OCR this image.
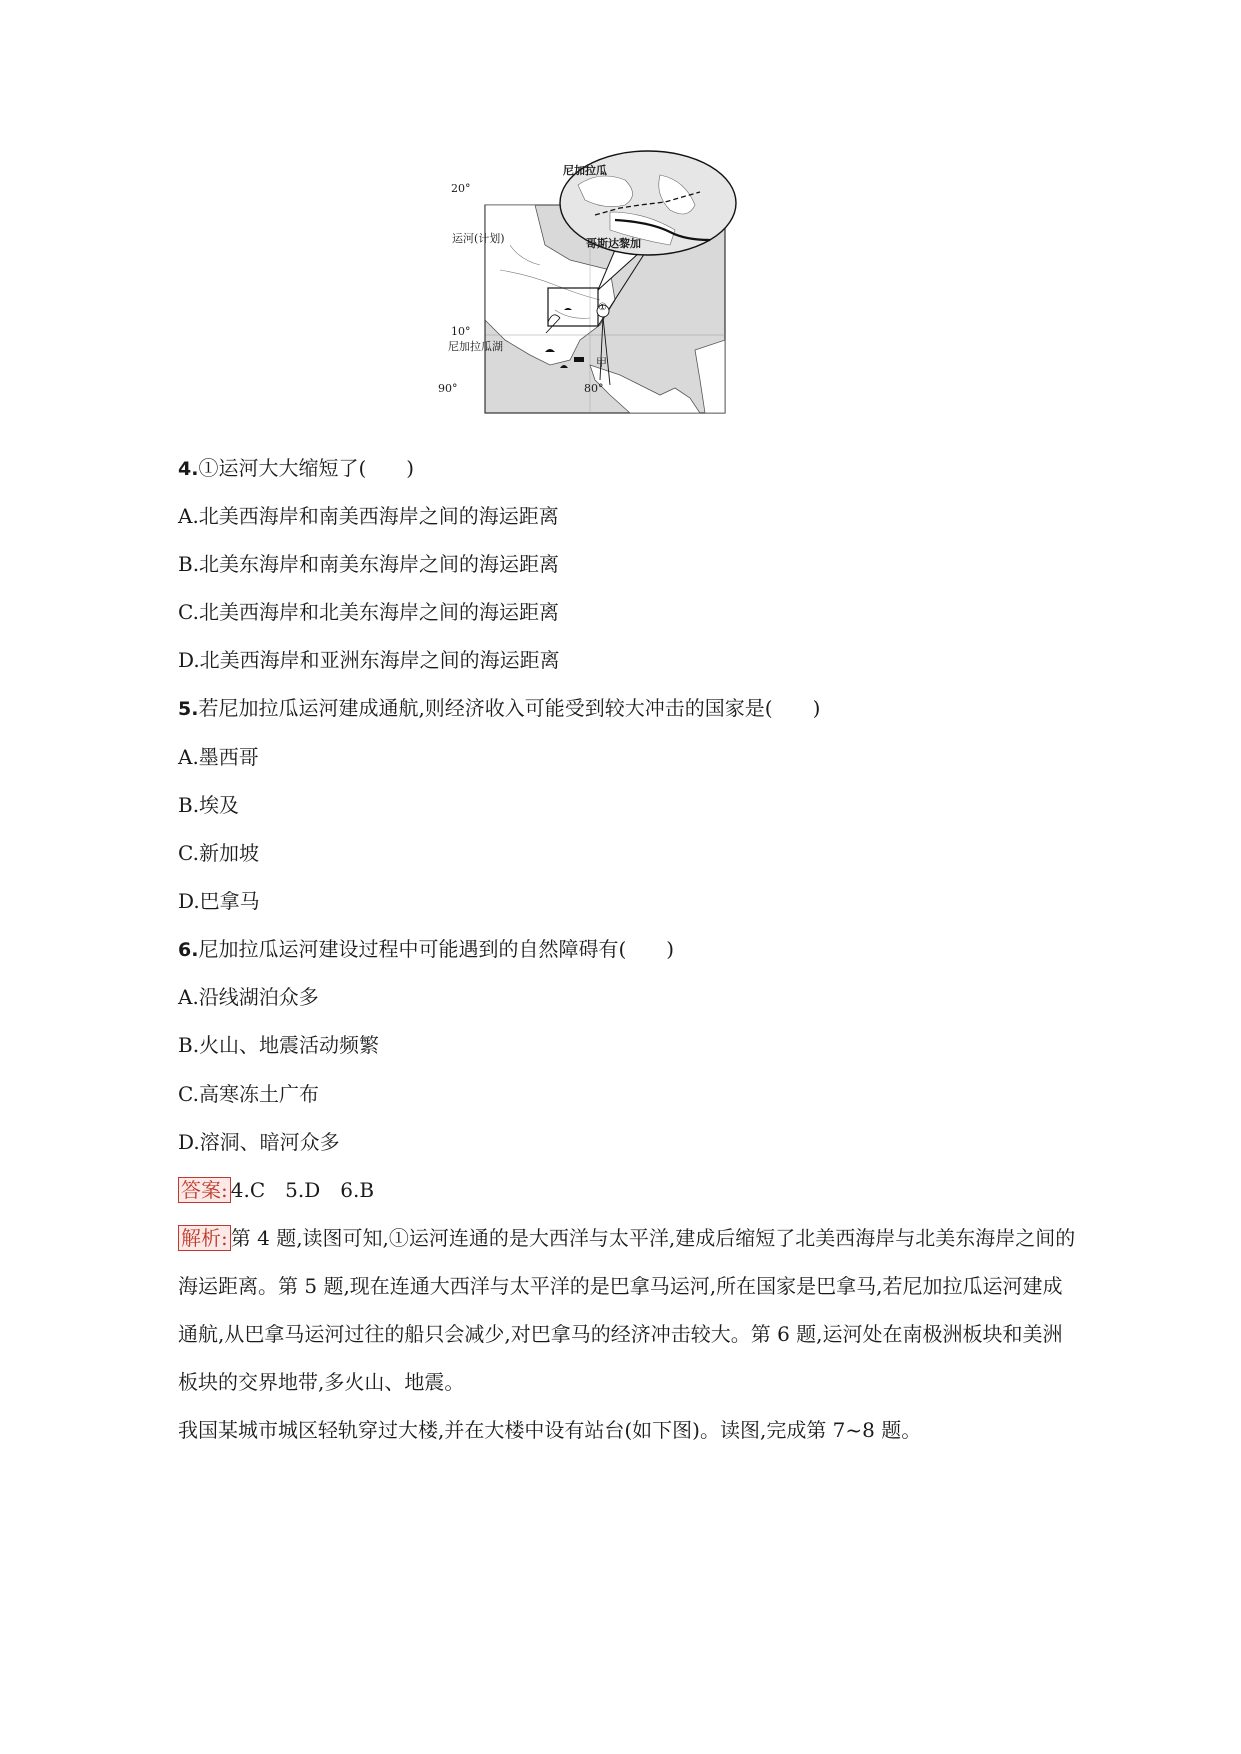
20°
10°
90°	80°
尼加拉瓜
哥斯达黎加
运河(计划)
尼加拉瓜湖
①
甲
4.①运河大大缩短了(　　)
A.北美西海岸和南美西海岸之间的海运距离
B.北美东海岸和南美东海岸之间的海运距离
C.北美西海岸和北美东海岸之间的海运距离
D.北美西海岸和亚洲东海岸之间的海运距离
5.若尼加拉瓜运河建成通航,则经济收入可能受到较大冲击的国家是(　　)
A.墨西哥
B.埃及
C.新加坡
D.巴拿马
6.尼加拉瓜运河建设过程中可能遇到的自然障碍有(　　)
A.沿线湖泊众多
B.火山、地震活动频繁
C.高寒冻土广布
D.溶洞、暗河众多
答案: 4.C　5.D　6.B
解析: 第 4 题,读图可知,①运河连通的是大西洋与太平洋,建成后缩短了北美西海岸与北美东海岸之间的海运距离。第 5 题,现在连通大西洋与太平洋的是巴拿马运河,所在国家是巴拿马,若尼加拉瓜运河建成通航,从巴拿马运河过往的船只会减少,对巴拿马的经济冲击较大。第 6 题,运河处在南极洲板块和美洲板块的交界地带,多火山、地震。
我国某城市城区轻轨穿过大楼,并在大楼中设有站台(如下图)。读图,完成第 7~8 题。
